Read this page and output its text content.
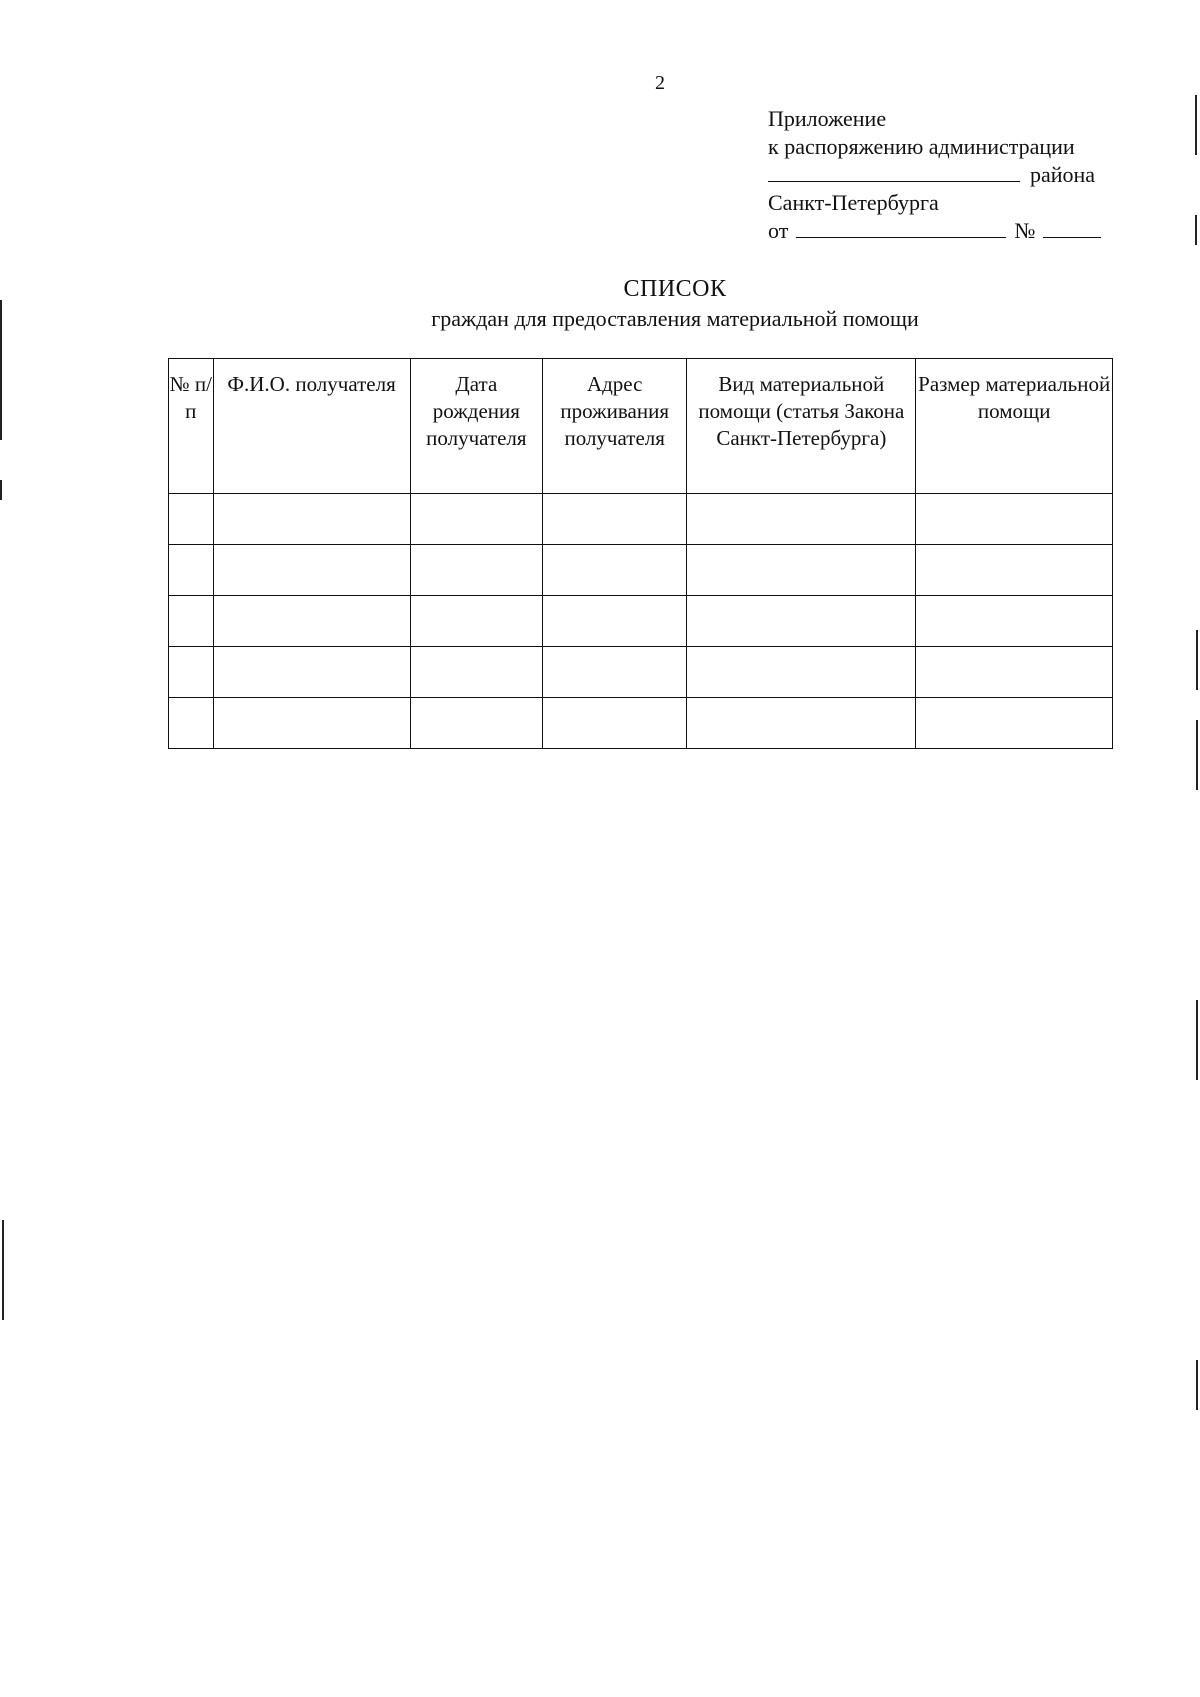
2
Приложение
к распоряжению администрации
района
Санкт-Петербурга
от	№
СПИСОК
граждан для предоставления материальной помощи
№ п/п	Ф.И.О. получателя	Дата рождения получателя	Адрес проживания получателя	Вид материальной помощи (статья Закона Санкт-Петербурга)	Размер материальной помощи
